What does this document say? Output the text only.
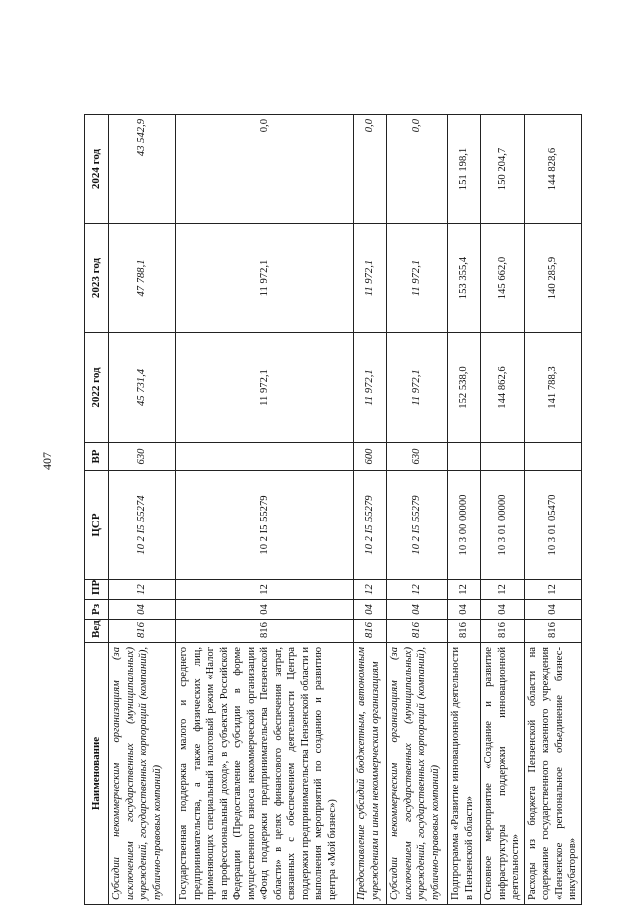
407
Наименование	Вед	Рз	ПР	ЦСР	ВР	2022 год	2023 год	2024 год
Субсидии некоммерческим организациям (за исключением государственных (муниципальных) учреждений, государственных корпораций (компаний), публично-правовых компаний)	816	04	12	10 2 I5 55274	630	45 731,4	47 788,1	43 542,9
Государственная поддержка малого и среднего предпринимательства, а также физических лиц, применяющих специальный налоговый режим «Налог на профессиональный доход», в субъектах Российской Федерации (Предоставление субсидии в форме имущественного взноса некоммерческой организации «Фонд поддержки предпринимательства Пензенской области» в целях финансового обеспечения затрат, связанных с обеспечением деятельности Центра поддержки предпринимательства Пензенской области и выполнения мероприятий по созданию и развитию центра «Мой бизнес»)	816	04	12	10 2 I5 55279		11 972,1	11 972,1	0,0
Предоставление субсидий бюджетным, автономным учреждениям и иным некоммерческим организациям	816	04	12	10 2 I5 55279	600	11 972,1	11 972,1	0,0
Субсидии некоммерческим организациям (за исключением государственных (муниципальных) учреждений, государственных корпораций (компаний), публично-правовых компаний)	816	04	12	10 2 I5 55279	630	11 972,1	11 972,1	0,0
Подпрограмма «Развитие инновационной деятельности в Пензенской области»	816	04	12	10 3 00 00000		152 538,0	153 355,4	151 198,1
Основное мероприятие «Создание и развитие инфраструктуры поддержки инновационной деятельности»	816	04	12	10 3 01 00000		144 862,6	145 662,0	150 204,7
Расходы из бюджета Пензенской области на содержание государственного казенного учреждения «Пензенское региональное объединение бизнес-инкубаторов»	816	04	12	10 3 01 05470		141 788,3	140 285,9	144 828,6
